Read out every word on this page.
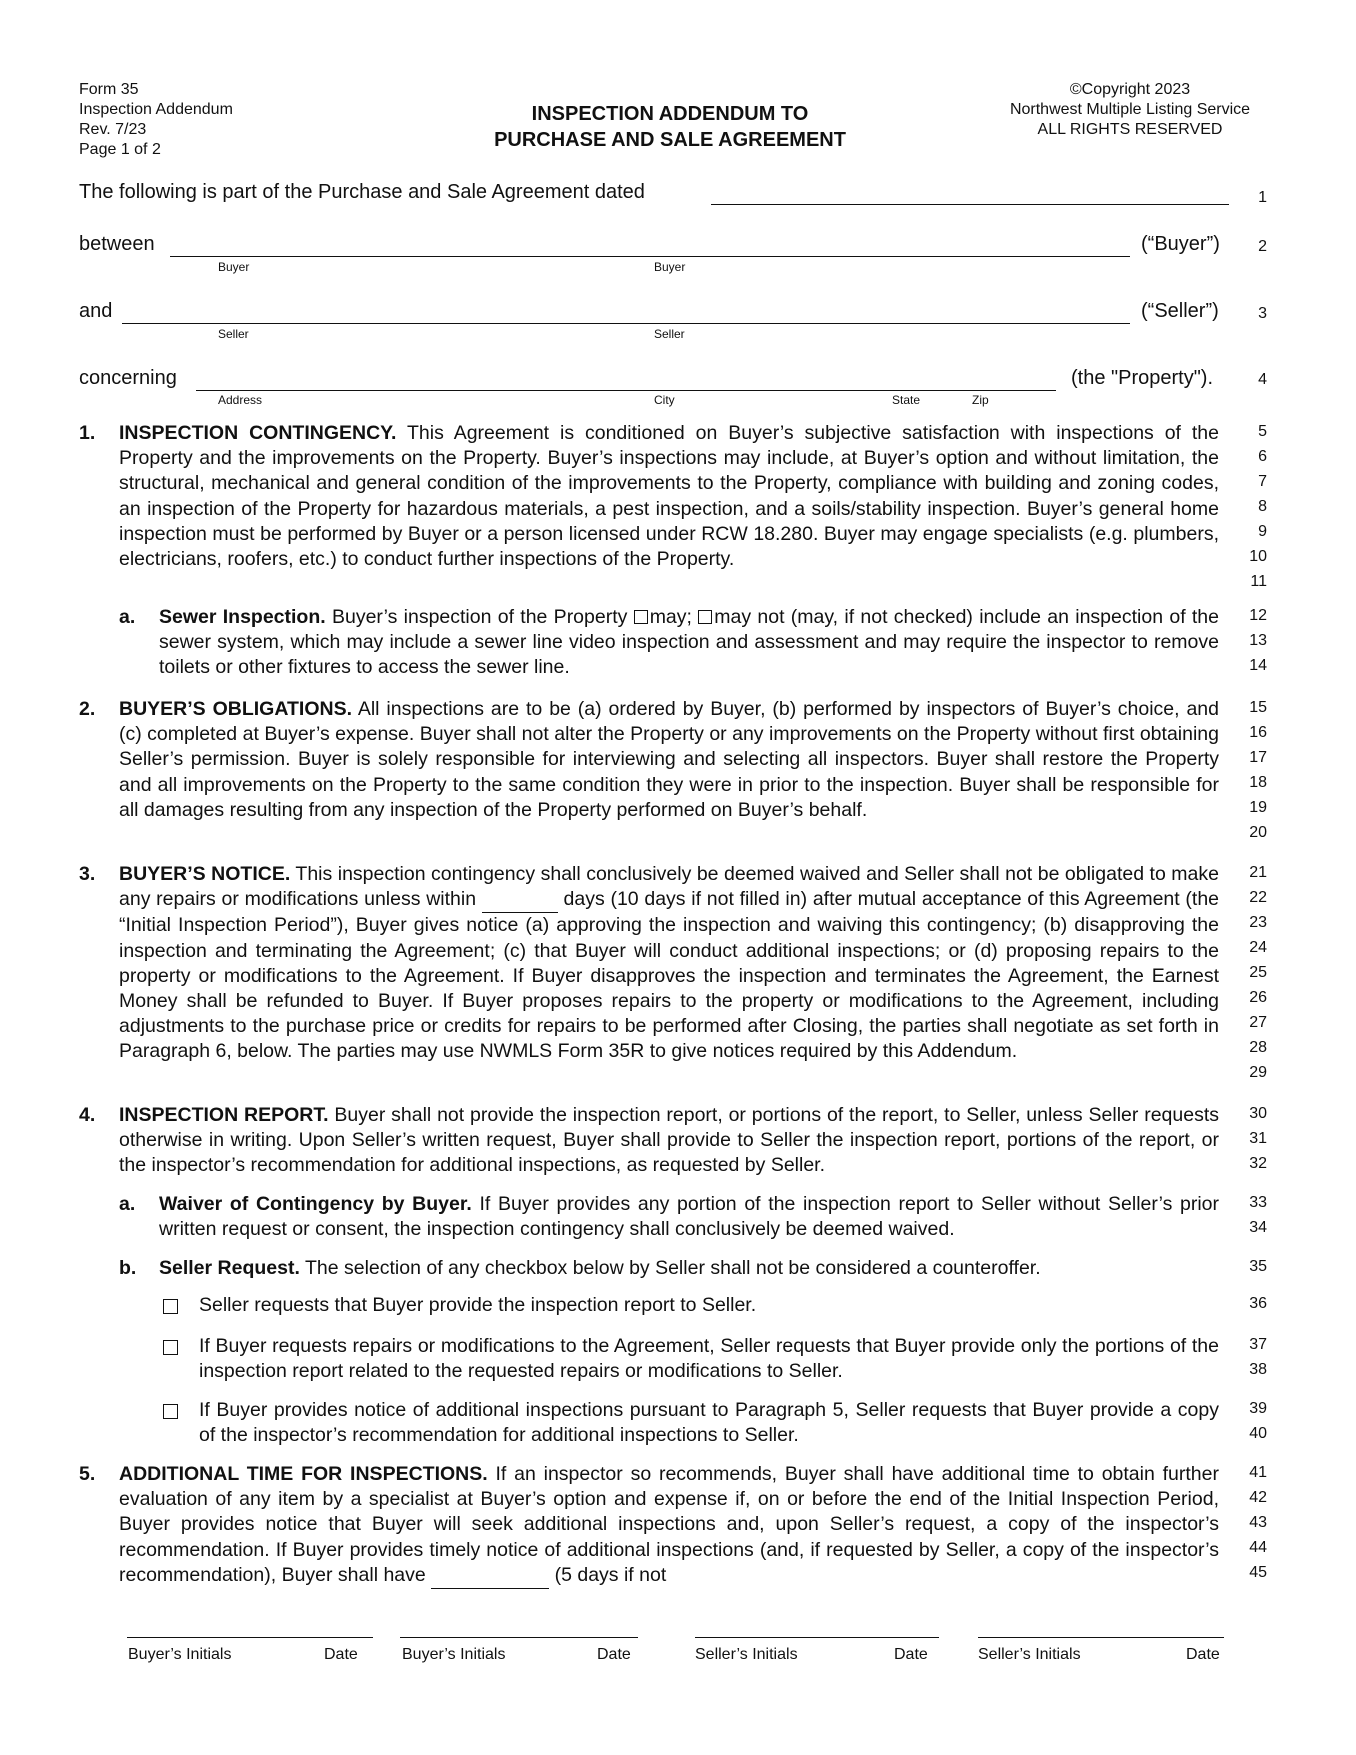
Form 35
Inspection Addendum
Rev. 7/23
Page 1 of 2
INSPECTION ADDENDUM TO
PURCHASE AND SALE AGREEMENT
©Copyright 2023
Northwest Multiple Listing Service
ALL RIGHTS RESERVED
The following is part of the Purchase and Sale Agreement dated
between
Buyer	Buyer
(“Buyer”)
and
Seller	Seller
(“Seller”)
concerning
Address	City	State	Zip
(the "Property").
1. INSPECTION CONTINGENCY. This Agreement is conditioned on Buyer’s subjective satisfaction with inspections of the Property and the improvements on the Property. Buyer’s inspections may include, at Buyer’s option and without limitation, the structural, mechanical and general condition of the improvements to the Property, compliance with building and zoning codes, an inspection of the Property for hazardous materials, a pest inspection, and a soils/stability inspection. Buyer’s general home inspection must be performed by Buyer or a person licensed under RCW 18.280. Buyer may engage specialists (e.g. plumbers, electricians, roofers, etc.) to conduct further inspections of the Property.
a. Sewer Inspection. Buyer’s inspection of the Property may; may not (may, if not checked) include an inspection of the sewer system, which may include a sewer line video inspection and assessment and may require the inspector to remove toilets or other fixtures to access the sewer line.
2. BUYER’S OBLIGATIONS. All inspections are to be (a) ordered by Buyer, (b) performed by inspectors of Buyer’s choice, and (c) completed at Buyer’s expense. Buyer shall not alter the Property or any improvements on the Property without first obtaining Seller’s permission. Buyer is solely responsible for interviewing and selecting all inspectors. Buyer shall restore the Property and all improvements on the Property to the same condition they were in prior to the inspection. Buyer shall be responsible for all damages resulting from any inspection of the Property performed on Buyer’s behalf.
3. BUYER’S NOTICE. This inspection contingency shall conclusively be deemed waived and Seller shall not be obligated to make any repairs or modifications unless within	days (10 days if not filled in) after mutual acceptance of this Agreement (the “Initial Inspection Period”), Buyer gives notice (a) approving the inspection and waiving this contingency; (b) disapproving the inspection and terminating the Agreement; (c) that Buyer will conduct additional inspections; or (d) proposing repairs to the property or modifications to the Agreement. If Buyer disapproves the inspection and terminates the Agreement, the Earnest Money shall be refunded to Buyer. If Buyer proposes repairs to the property or modifications to the Agreement, including adjustments to the purchase price or credits for repairs to be performed after Closing, the parties shall negotiate as set forth in Paragraph 6, below. The parties may use NWMLS Form 35R to give notices required by this Addendum.
4. INSPECTION REPORT. Buyer shall not provide the inspection report, or portions of the report, to Seller, unless Seller requests otherwise in writing. Upon Seller’s written request, Buyer shall provide to Seller the inspection report, portions of the report, or the inspector’s recommendation for additional inspections, as requested by Seller.
a. Waiver of Contingency by Buyer. If Buyer provides any portion of the inspection report to Seller without Seller’s prior written request or consent, the inspection contingency shall conclusively be deemed waived.
b. Seller Request. The selection of any checkbox below by Seller shall not be considered a counteroffer.
Seller requests that Buyer provide the inspection report to Seller.
If Buyer requests repairs or modifications to the Agreement, Seller requests that Buyer provide only the portions of the inspection report related to the requested repairs or modifications to Seller.
If Buyer provides notice of additional inspections pursuant to Paragraph 5, Seller requests that Buyer provide a copy of the inspector’s recommendation for additional inspections to Seller.
5. ADDITIONAL TIME FOR INSPECTIONS. If an inspector so recommends, Buyer shall have additional time to obtain further evaluation of any item by a specialist at Buyer’s option and expense if, on or before the end of the Initial Inspection Period, Buyer provides notice that Buyer will seek additional inspections and, upon Seller’s request, a copy of the inspector’s recommendation. If Buyer provides timely notice of additional inspections (and, if requested by Seller, a copy of the inspector’s recommendation), Buyer shall have	(5 days if not
1
2
3
4
5
6
7
8
9
10
11
12
13
14
15
16
17
18
19
20
21
22
23
24
25
26
27
28
29
30
31
32
33
34
35
36
37
38
39
40
41
42
43
44
45
Buyer’s Initials	Date	Buyer’s Initials	Date	Seller’s Initials	Date	Seller’s Initials	Date
